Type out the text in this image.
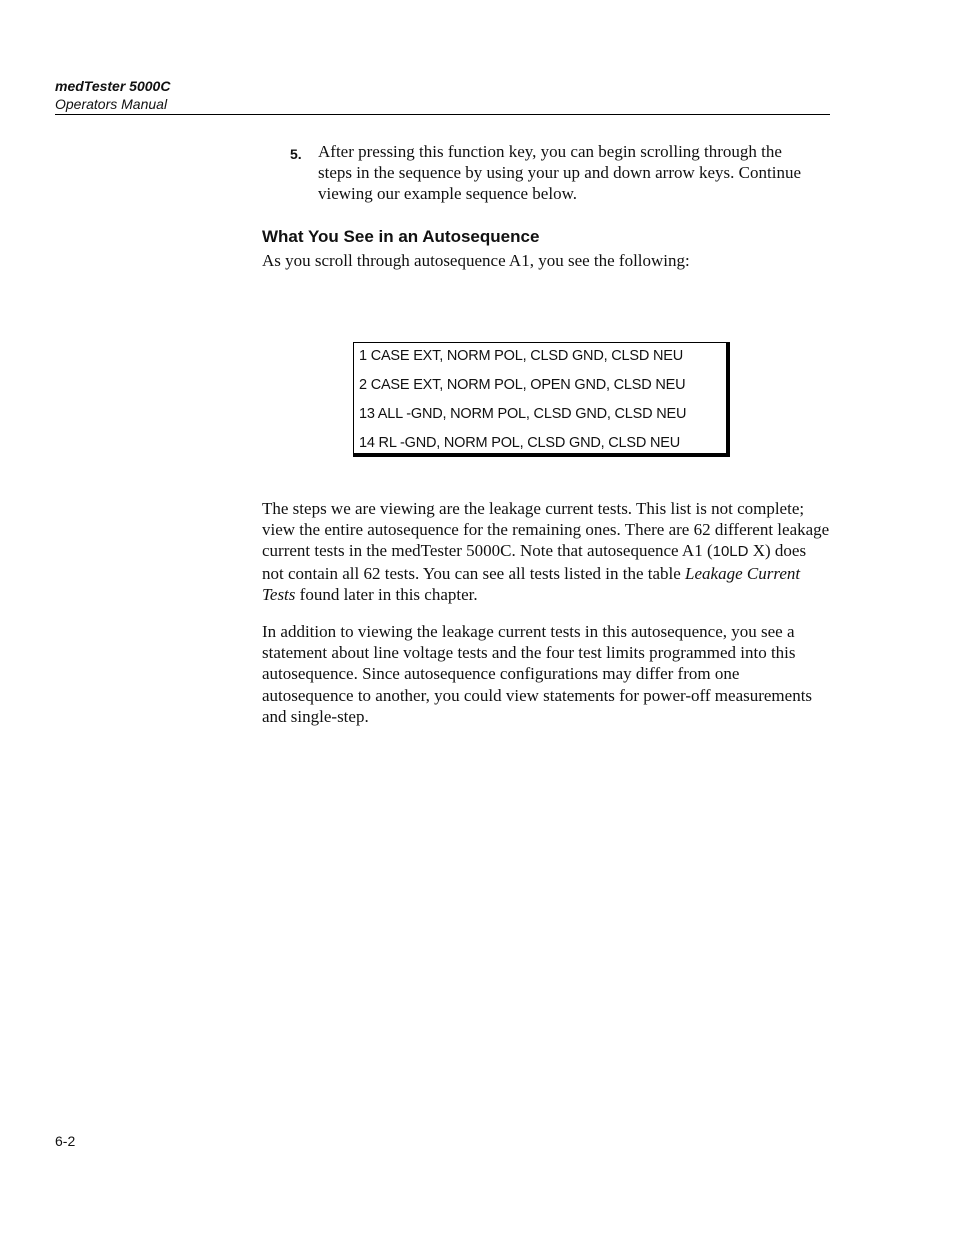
medTester 5000C
Operators Manual
5. After pressing this function key, you can begin scrolling through the steps in the sequence by using your up and down arrow keys. Continue viewing our example sequence below.
What You See in an Autosequence
As you scroll through autosequence A1, you see the following:
1 CASE EXT, NORM POL, CLSD GND, CLSD NEU
2 CASE EXT, NORM POL, OPEN GND, CLSD NEU
13 ALL -GND, NORM POL, CLSD GND, CLSD NEU
14 RL -GND, NORM POL, CLSD GND, CLSD NEU
The steps we are viewing are the leakage current tests. This list is not complete; view the entire autosequence for the remaining ones. There are 62 different leakage current tests in the medTester 5000C. Note that autosequence A1 (10LD X) does not contain all 62 tests. You can see all tests listed in the table Leakage Current Tests found later in this chapter.
In addition to viewing the leakage current tests in this autosequence, you see a statement about line voltage tests and the four test limits programmed into this autosequence. Since autosequence configurations may differ from one autosequence to another, you could view statements for power-off measurements and single-step.
6-2
